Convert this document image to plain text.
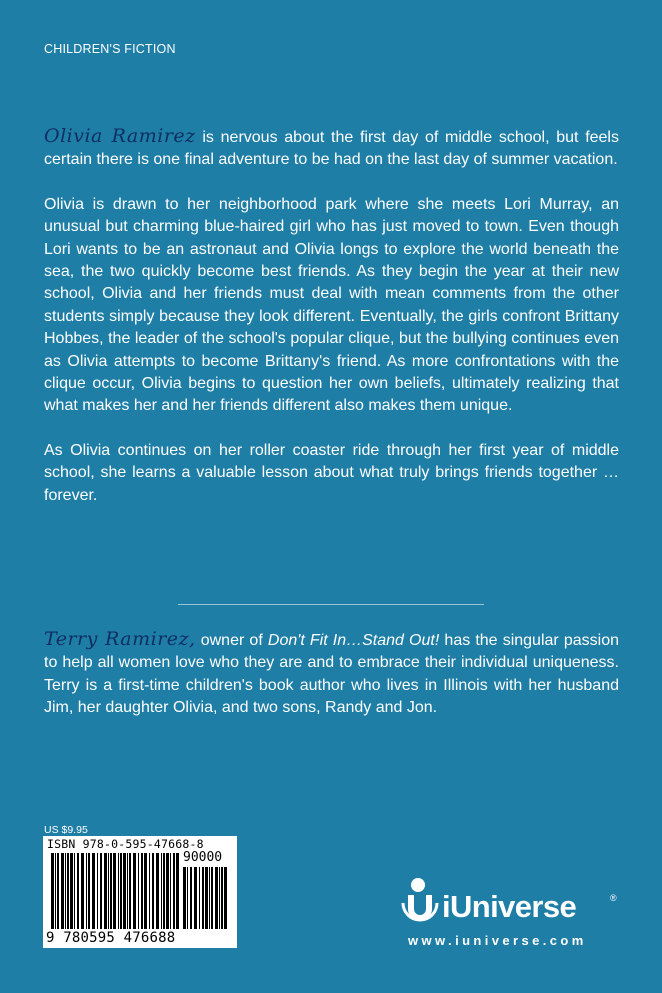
CHILDREN'S FICTION

Olivia Ramirez is nervous about the first day of middle school, but feels certain there is one final adventure to be had on the last day of summer vacation.

Olivia is drawn to her neighborhood park where she meets Lori Murray, an unusual but charming blue-haired girl who has just moved to town. Even though Lori wants to be an astronaut and Olivia longs to explore the world beneath the sea, the two quickly become best friends. As they begin the year at their new school, Olivia and her friends must deal with mean comments from the other students simply because they look different. Eventually, the girls confront Brittany Hobbes, the leader of the school's popular clique, but the bullying continues even as Olivia attempts to become Brittany's friend. As more confrontations with the clique occur, Olivia begins to question her own beliefs, ultimately realizing that what makes her and her friends different also makes them unique.

As Olivia continues on her roller coaster ride through her first year of middle school, she learns a valuable lesson about what truly brings friends together … forever.

Terry Ramirez, owner of Don't Fit In…Stand Out! has the singular passion to help all women love who they are and to embrace their individual uniqueness. Terry is a first-time children's book author who lives in Illinois with her husband Jim, her daughter Olivia, and two sons, Randy and Jon.
US $9.95
ISBN 978-0-595-47668-8
90000
9 780595 476688
iUniverse	®
www.iuniverse.com
